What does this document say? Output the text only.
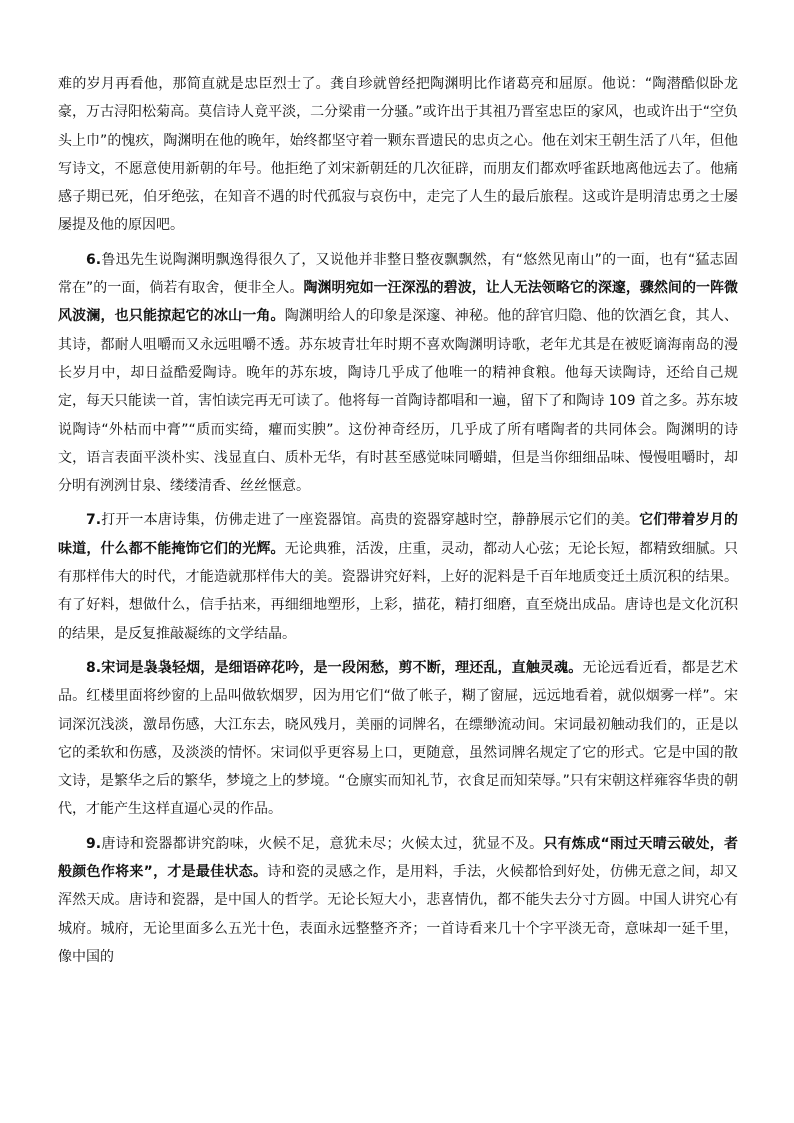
难的岁月再看他，那简直就是忠臣烈士了。龚自珍就曾经把陶渊明比作诸葛亮和屈原。他说：“陶潜酷似卧龙豪，万古浔阳松菊高。莫信诗人竟平淡，二分梁甫一分骚。”或许出于其祖乃晋室忠臣的家风，也或许出于“空负头上巾”的愧疚，陶渊明在他的晚年，始终都坚守着一颗东晋遗民的忠贞之心。他在刘宋王朝生活了八年，但他写诗文，不愿意使用新朝的年号。他拒绝了刘宋新朝廷的几次征辟，而朋友们都欢呼雀跃地离他远去了。他痛感子期已死，伯牙绝弦，在知音不遇的时代孤寂与哀伤中，走完了人生的最后旅程。这或许是明清忠勇之士屡屡提及他的原因吧。

6.鲁迅先生说陶渊明飘逸得很久了，又说他并非整日整夜飘飘然，有“悠然见南山”的一面，也有“猛志固常在”的一面，倘若有取舍，便非全人。陶渊明宛如一汪深泓的碧波，让人无法领略它的深邃，骤然间的一阵微风波澜，也只能掠起它的冰山一角。陶渊明给人的印象是深邃、神秘。他的辞官归隐、他的饮酒乞食，其人、其诗，都耐人咀嚼而又永远咀嚼不透。苏东坡青壮年时期不喜欢陶渊明诗歌，老年尤其是在被贬谪海南岛的漫长岁月中，却日益酷爱陶诗。晚年的苏东坡，陶诗几乎成了他唯一的精神食粮。他每天读陶诗，还给自己规定，每天只能读一首，害怕读完再无可读了。他将每一首陶诗都唱和一遍，留下了和陶诗 109 首之多。苏东坡说陶诗“外枯而中膏”“质而实绮，癯而实腴”。这份神奇经历，几乎成了所有嗜陶者的共同体会。陶渊明的诗文，语言表面平淡朴实、浅显直白、质朴无华，有时甚至感觉味同嚼蜡，但是当你细细品味、慢慢咀嚼时，却分明有洌洌甘泉、缕缕清香、丝丝惬意。

7.打开一本唐诗集，仿佛走进了一座瓷器馆。高贵的瓷器穿越时空，静静展示它们的美。它们带着岁月的味道，什么都不能掩饰它们的光辉。无论典雅，活泼，庄重，灵动，都动人心弦；无论长短，都精致细腻。只有那样伟大的时代，才能造就那样伟大的美。瓷器讲究好料，上好的泥料是千百年地质变迁土质沉积的结果。有了好料，想做什么，信手拈来，再细细地塑形，上彩，描花，精打细磨，直至烧出成品。唐诗也是文化沉积的结果，是反复推敲凝练的文学结晶。

8.宋词是袅袅轻烟，是细语碎花吟，是一段闲愁，剪不断，理还乱，直触灵魂。无论远看近看，都是艺术品。红楼里面将纱窗的上品叫做软烟罗，因为用它们“做了帐子，糊了窗屉，远远地看着，就似烟雾一样”。宋词深沉浅淡，激昂伤感，大江东去，晓风残月，美丽的词牌名，在缥缈流动间。宋词最初触动我们的，正是以它的柔软和伤感，及淡淡的情怀。宋词似乎更容易上口，更随意，虽然词牌名规定了它的形式。它是中国的散文诗，是繁华之后的繁华，梦境之上的梦境。“仓廪实而知礼节，衣食足而知荣辱。”只有宋朝这样雍容华贵的朝代，才能产生这样直逼心灵的作品。

9.唐诗和瓷器都讲究韵味，火候不足，意犹未尽；火候太过，犹显不及。只有炼成“雨过天晴云破处，者般颜色作将来”，才是最佳状态。诗和瓷的灵感之作，是用料，手法，火候都恰到好处，仿佛无意之间，却又浑然天成。唐诗和瓷器，是中国人的哲学。无论长短大小，悲喜情仇，都不能失去分寸方圆。中国人讲究心有城府。城府，无论里面多么五光十色，表面永远整整齐齐；一首诗看来几十个字平淡无奇，意味却一延千里，像中国的
